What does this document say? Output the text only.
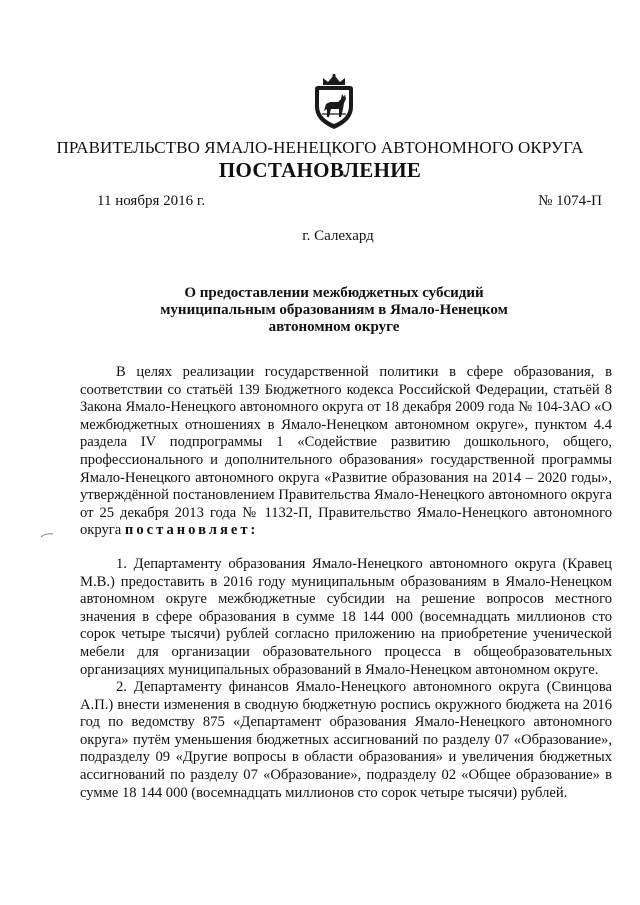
ПРАВИТЕЛЬСТВО ЯМАЛО-НЕНЕЦКОГО АВТОНОМНОГО ОКРУГА
ПОСТАНОВЛЕНИЕ
11 ноября 2016 г.	№ 1074-П
г. Салехард
О предоставлении межбюджетных субсидий
муниципальным образованиям в Ямало-Ненецком
автономном округе

В целях реализации государственной политики в сфере образования, в соответствии со статьёй 139 Бюджетного кодекса Российской Федерации, статьёй 8 Закона Ямало-Ненецкого автономного округа от 18 декабря 2009 года № 104-ЗАО «О межбюджетных отношениях в Ямало-Ненецком автономном округе», пунктом 4.4 раздела IV подпрограммы 1 «Содействие развитию дошкольного, общего, профессионального и дополнительного образования» государственной программы Ямало-Ненецкого автономного округа «Развитие образования на 2014 – 2020 годы», утверждённой постановлением Правительства Ямало-Ненецкого автономного округа от 25 декабря 2013 года № 1132-П, Правительство Ямало-Ненецкого автономного округа постановляет:

1. Департаменту образования Ямало-Ненецкого автономного округа (Кравец М.В.) предоставить в 2016 году муниципальным образованиям в Ямало-Ненецком автономном округе межбюджетные субсидии на решение вопросов местного значения в сфере образования в сумме 18 144 000 (восемнадцать миллионов сто сорок четыре тысячи) рублей согласно приложению на приобретение ученической мебели для организации образовательного процесса в общеобразовательных организациях муниципальных образований в Ямало-Ненецком автономном округе.

2. Департаменту финансов Ямало-Ненецкого автономного округа (Свинцова А.П.) внести изменения в сводную бюджетную роспись окружного бюджета на 2016 год по ведомству 875 «Департамент образования Ямало-Ненецкого автономного округа» путём уменьшения бюджетных ассигнований по разделу 07 «Образование», подразделу 09 «Другие вопросы в области образования» и увеличения бюджетных ассигнований по разделу 07 «Образование», подразделу 02 «Общее образование» в сумме 18 144 000 (восемнадцать миллионов сто сорок четыре тысячи) рублей.
